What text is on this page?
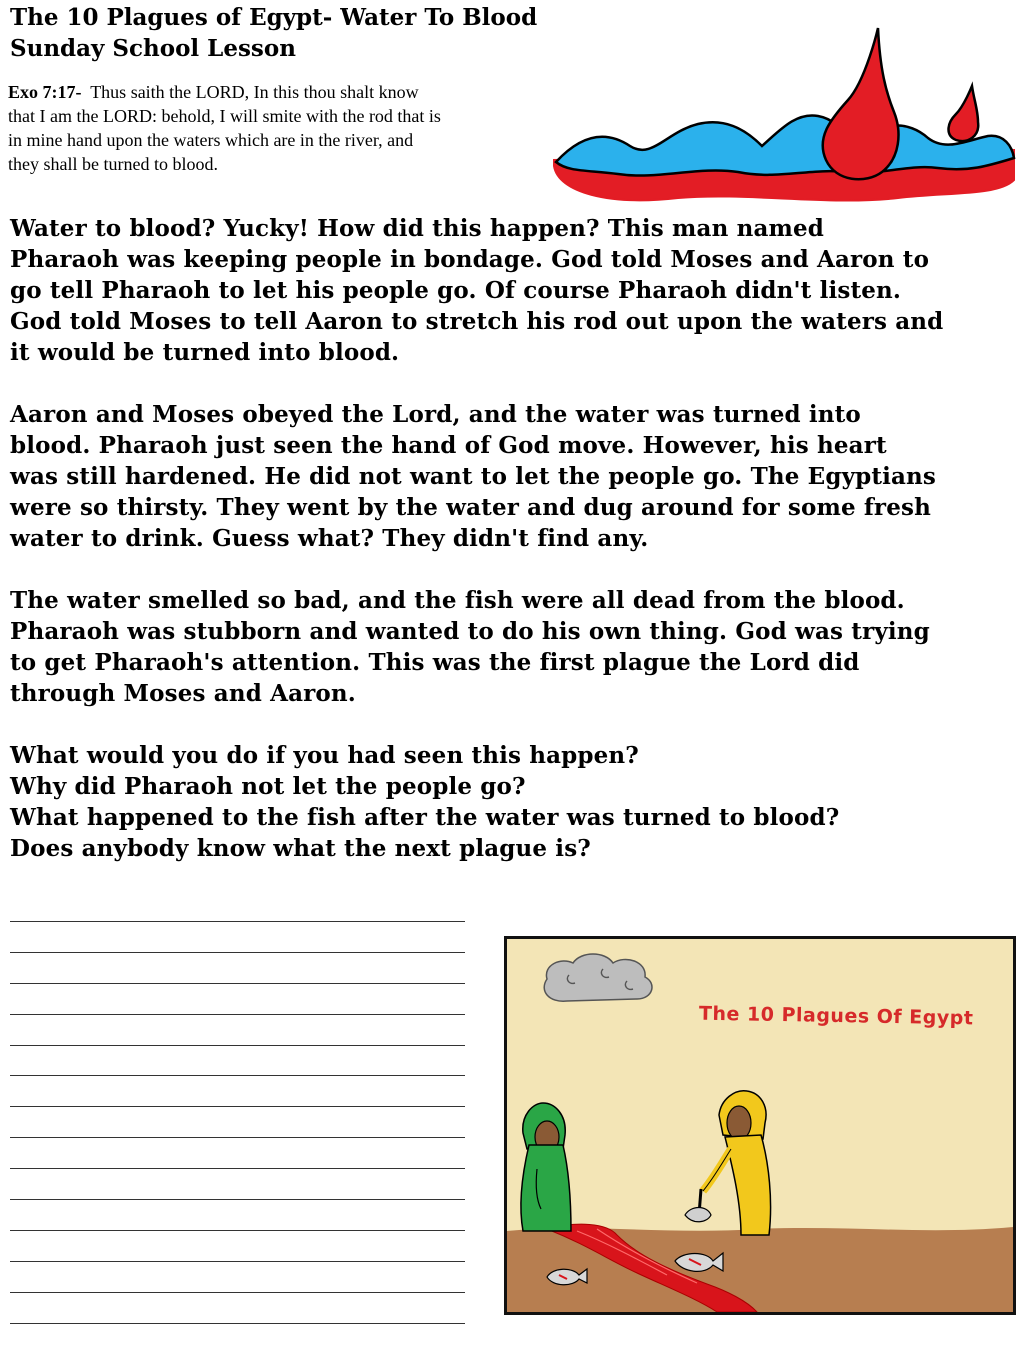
The 10 Plagues of Egypt- Water To Blood
Sunday School Lesson
Exo 7:17- Thus saith the LORD, In this thou shalt know
that I am the LORD: behold, I will smite with the rod that is
in mine hand upon the waters which are in the river, and
they shall be turned to blood.
Water to blood? Yucky! How did this happen? This man named
Pharaoh was keeping people in bondage. God told Moses and Aaron to
go tell Pharaoh to let his people go. Of course Pharaoh didn't listen.
God told Moses to tell Aaron to stretch his rod out upon the waters and
it would be turned into blood.
Aaron and Moses obeyed the Lord, and the water was turned into
blood. Pharaoh just seen the hand of God move. However, his heart
was still hardened. He did not want to let the people go. The Egyptians
were so thirsty. They went by the water and dug around for some fresh
water to drink. Guess what? They didn't find any.
The water smelled so bad, and the fish were all dead from the blood.
Pharaoh was stubborn and wanted to do his own thing. God was trying
to get Pharaoh's attention. This was the first plague the Lord did
through Moses and Aaron.
What would you do if you had seen this happen?
Why did Pharaoh not let the people go?
What happened to the fish after the water was turned to blood?
Does anybody know what the next plague is?
The 10 Plagues Of Egypt
